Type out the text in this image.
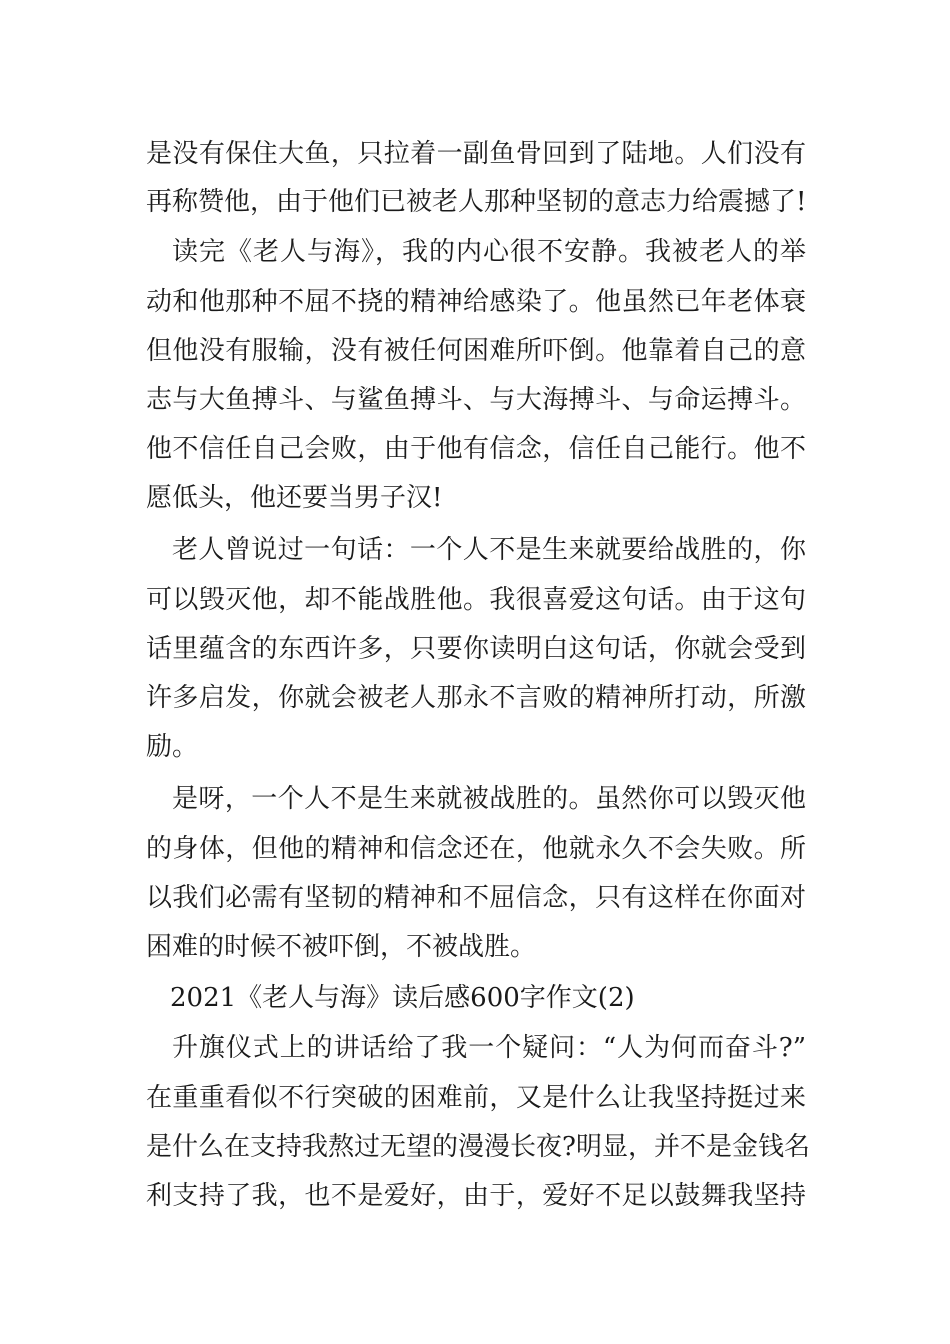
是没有保住大鱼，只拉着一副鱼骨回到了陆地。人们没有
再称赞他，由于他们已被老人那种坚韧的意志力给震撼了!
读完《老人与海》，我的内心很不安静。我被老人的举
动和他那种不屈不挠的精神给感染了。他虽然已年老体衰
但他没有服输，没有被任何困难所吓倒。他靠着自己的意
志与大鱼搏斗、与鲨鱼搏斗、与大海搏斗、与命运搏斗。
他不信任自己会败，由于他有信念，信任自己能行。他不
愿低头，他还要当男子汉!
老人曾说过一句话：一个人不是生来就要给战胜的，你
可以毁灭他，却不能战胜他。我很喜爱这句话。由于这句
话里蕴含的东西许多，只要你读明白这句话，你就会受到
许多启发，你就会被老人那永不言败的精神所打动，所激
励。
是呀，一个人不是生来就被战胜的。虽然你可以毁灭他
的身体，但他的精神和信念还在，他就永久不会失败。所
以我们必需有坚韧的精神和不屈信念，只有这样在你面对
困难的时候不被吓倒，不被战胜。
2021《老人与海》读后感600字作文(2)
升旗仪式上的讲话给了我一个疑问：“人为何而奋斗?”
在重重看似不行突破的困难前，又是什么让我坚持挺过来
是什么在支持我熬过无望的漫漫长夜?明显，并不是金钱名
利支持了我，也不是爱好，由于，爱好不足以鼓舞我坚持
